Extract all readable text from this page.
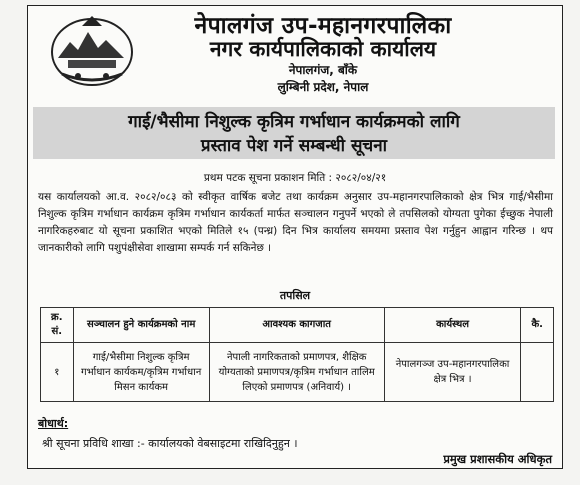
नेपालगंज उप-महानगरपालिका
नगर कार्यपालिकाको कार्यालय
नेपालगंज, बाँके
लुम्बिनी प्रदेश, नेपाल
गाई/भैसीमा निशुल्क कृत्रिम गर्भाधान कार्यक्रमको लागि
प्रस्ताव पेश गर्ने सम्बन्धी सूचना
प्रथम पटक सूचना प्रकाशन मिति : २०८२/०४/२१
यस कार्यालयको आ.व. २०८२/०८३ को स्वीकृत वार्षिक बजेट तथा कार्यक्रम अनुसार उप-महानगरपालिकाको क्षेत्र भित्र गाई/भैसीमा निशुल्क कृत्रिम गर्भाधान कार्यक्रम कृत्रिम गर्भाधान कार्यकर्ता मार्फत सञ्चालन गनुपर्ने भएको ले तपसिलको योग्यता पुगेका ईच्छुक नेपाली नागरिकहरुबाट यो सूचना प्रकाशित भएको मितिले १५ (पन्ध्र) दिन भित्र कार्यालय समयमा प्रस्ताव पेश गर्नुहुन आह्वान गरिन्छ । थप जानकारीको लागि पशुपंक्षीसेवा शाखामा सम्पर्क गर्न सकिनेछ ।
तपसिल
क्र. सं.	सञ्चालन हुने कार्यक्रमको नाम	आवश्यक कागजात	कार्यस्थल	कै.
१	गाई/भैसीमा निशुल्क कृत्रिम गर्भाधान कार्यकम/कृत्रिम गर्भाधान मिसन कार्यकम	नेपाली नागरिकताको प्रमाणपत्र, शैक्षिक योग्यताको प्रमाणपत्र/कृत्रिम गर्भाधान तालिम लिएको प्रमाणपत्र (अनिवार्य) ।	नेपालगञ्ज उप-महानगरपालिका क्षेत्र भित्र ।	
बोधार्थ:
श्री सूचना प्रविधि शाखा :- कार्यालयको वेबसाइटमा राखिदिनुहुन ।
प्रमुख प्रशासकीय अधिकृत
